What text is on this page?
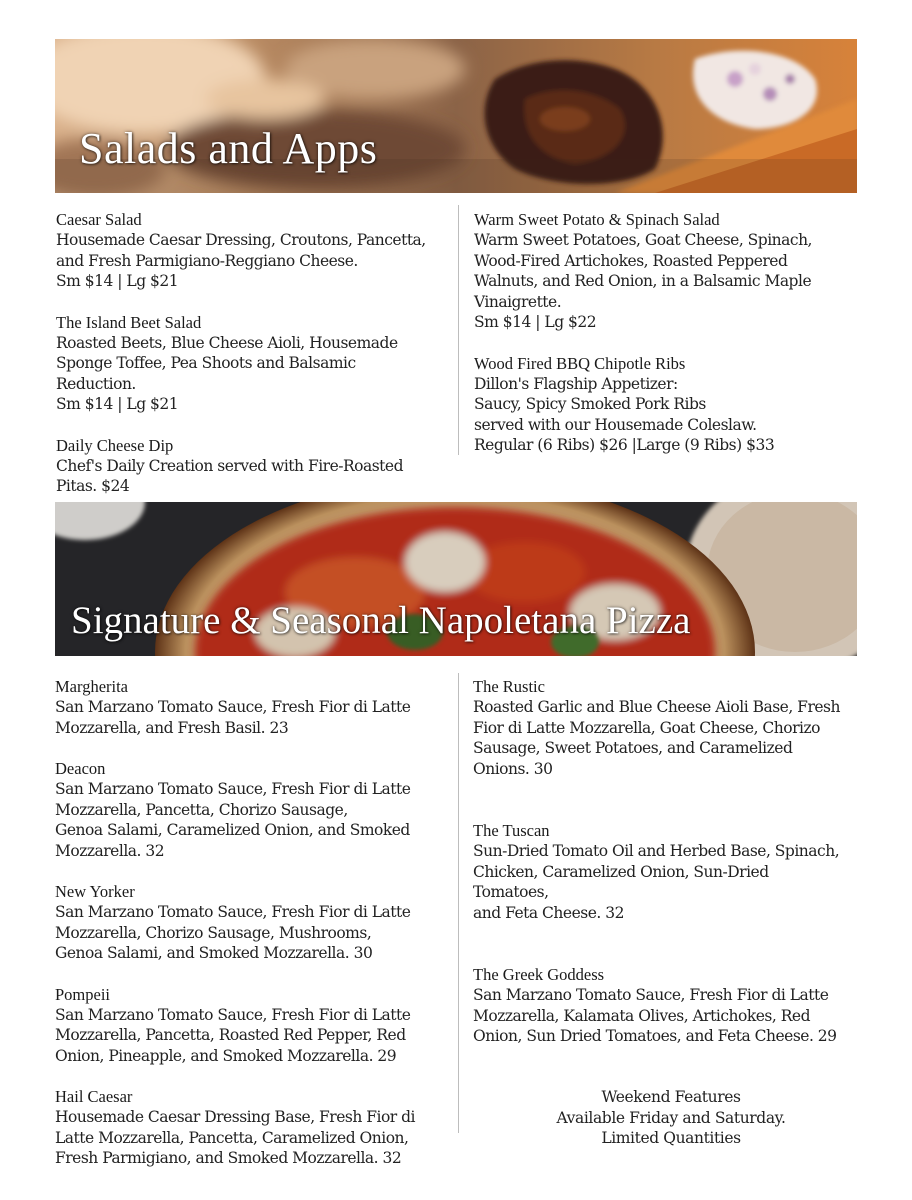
Salads and Apps
Caesar Salad
Housemade Caesar Dressing, Croutons, Pancetta,
and Fresh Parmigiano-Reggiano Cheese.
Sm $14 | Lg $21
The Island Beet Salad
Roasted Beets, Blue Cheese Aioli, Housemade
Sponge Toffee, Pea Shoots and Balsamic
Reduction.
Sm $14 | Lg $21
Daily Cheese Dip
Chef's Daily Creation served with Fire-Roasted
Pitas. $24
Warm Sweet Potato & Spinach Salad
Warm Sweet Potatoes, Goat Cheese, Spinach,
Wood-Fired Artichokes, Roasted Peppered
Walnuts, and Red Onion, in a Balsamic Maple
Vinaigrette.
Sm $14 | Lg $22
Wood Fired BBQ Chipotle Ribs
Dillon's Flagship Appetizer:
Saucy, Spicy Smoked Pork Ribs
served with our Housemade Coleslaw.
Regular (6 Ribs) $26 |Large (9 Ribs) $33
Signature & Seasonal Napoletana Pizza
Margherita
San Marzano Tomato Sauce, Fresh Fior di Latte
Mozzarella, and Fresh Basil. 23
Deacon
San Marzano Tomato Sauce, Fresh Fior di Latte
Mozzarella, Pancetta, Chorizo Sausage,
Genoa Salami, Caramelized Onion, and Smoked
Mozzarella. 32
New Yorker
San Marzano Tomato Sauce, Fresh Fior di Latte
Mozzarella, Chorizo Sausage, Mushrooms,
Genoa Salami, and Smoked Mozzarella. 30
Pompeii
San Marzano Tomato Sauce, Fresh Fior di Latte
Mozzarella, Pancetta, Roasted Red Pepper, Red
Onion, Pineapple, and Smoked Mozzarella. 29
Hail Caesar
Housemade Caesar Dressing Base, Fresh Fior di
Latte Mozzarella, Pancetta, Caramelized Onion,
Fresh Parmigiano, and Smoked Mozzarella. 32
The Rustic
Roasted Garlic and Blue Cheese Aioli Base, Fresh
Fior di Latte Mozzarella, Goat Cheese, Chorizo
Sausage, Sweet Potatoes, and Caramelized
Onions. 30
The Tuscan
Sun-Dried Tomato Oil and Herbed Base, Spinach,
Chicken, Caramelized Onion, Sun-Dried
Tomatoes,
and Feta Cheese. 32
The Greek Goddess
San Marzano Tomato Sauce, Fresh Fior di Latte
Mozzarella, Kalamata Olives, Artichokes, Red
Onion, Sun Dried Tomatoes, and Feta Cheese. 29
Weekend Features
Available Friday and Saturday.
Limited Quantities
